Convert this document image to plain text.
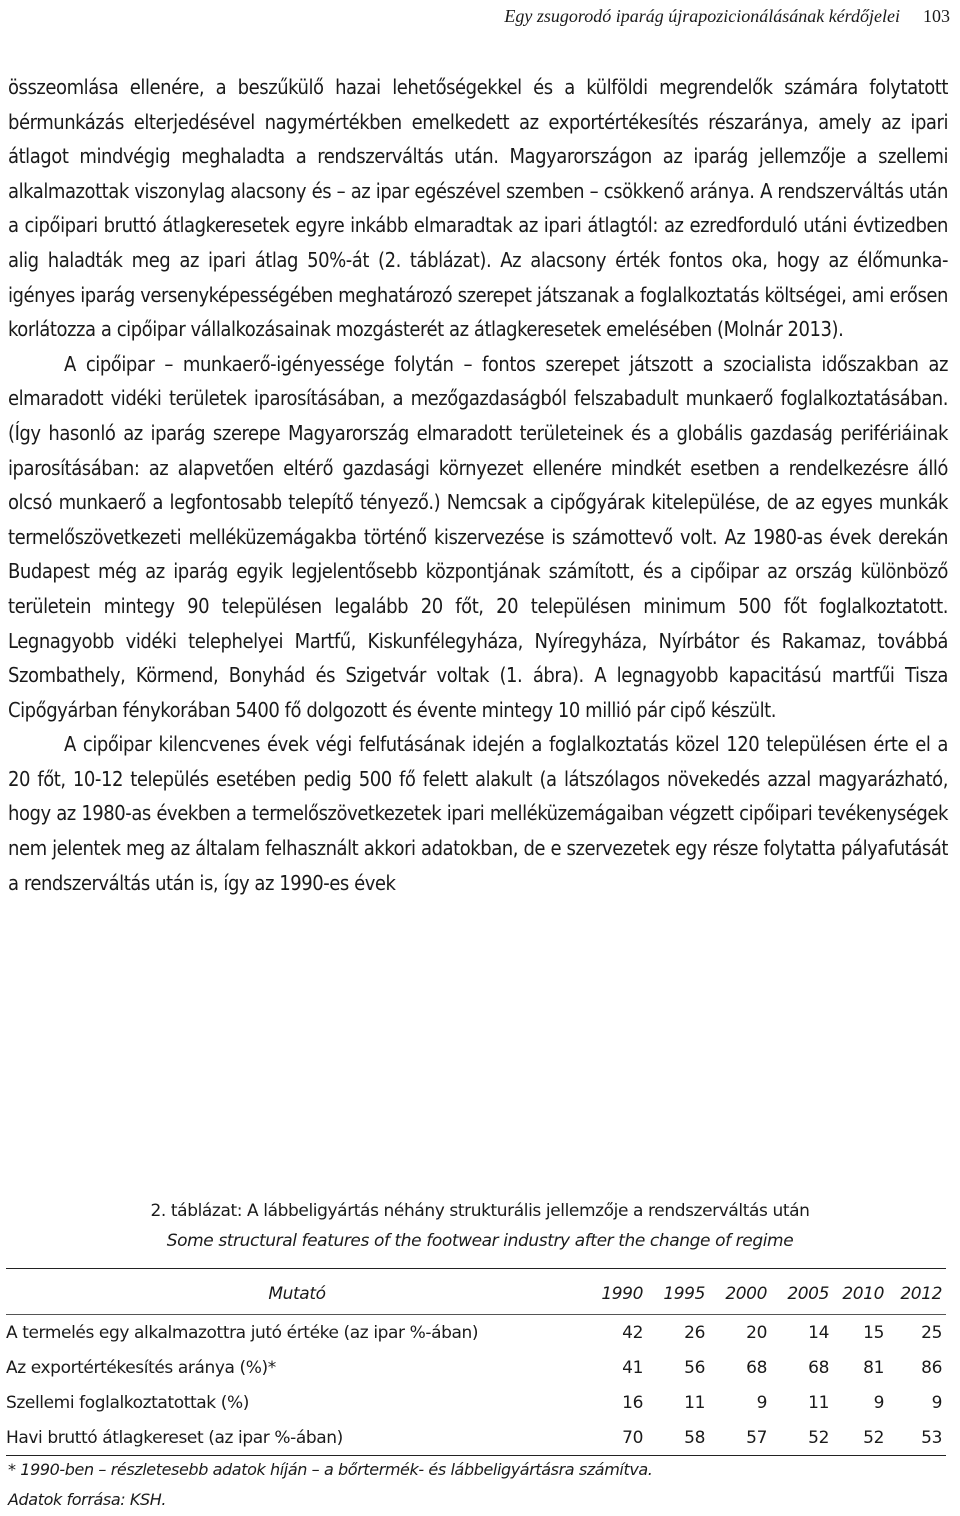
Egy zsugorodó iparág újrapozicionálásának kérdőjelei 103

összeomlása ellenére, a beszűkülő hazai lehetőségekkel és a külföldi megrendelők számára folytatott bérmunkázás elterjedésével nagymértékben emelkedett az exportértékesítés részaránya, amely az ipari átlagot mindvégig meghaladta a rendszerváltás után. Magyarországon az iparág jellemzője a szellemi alkalmazottak viszonylag alacsony és – az ipar egészével szemben – csökkenő aránya. A rendszerváltás után a cipőipari bruttó átlagkeresetek egyre inkább elmaradtak az ipari átlagtól: az ezredforduló utáni évtizedben alig haladták meg az ipari átlag 50%-át (2. táblázat). Az alacsony érték fontos oka, hogy az élőmunka-igényes iparág versenyképességében meghatározó szerepet játszanak a foglalkoztatás költségei, ami erősen korlátozza a cipőipar vállalkozásainak mozgásterét az átlagkeresetek emelésében (Molnár 2013).

A cipőipar – munkaerő-igényessége folytán – fontos szerepet játszott a szocialista időszakban az elmaradott vidéki területek iparosításában, a mezőgazdaságból felszabadult munkaerő foglalkoztatásában. (Így hasonló az iparág szerepe Magyarország elmaradott területeinek és a globális gazdaság perifériáinak iparosításában: az alapvetően eltérő gazdasági környezet ellenére mindkét esetben a rendelkezésre álló olcsó munkaerő a legfontosabb telepítő tényező.) Nemcsak a cipőgyárak kitelepülése, de az egyes munkák termelőszövetkezeti melléküzemágakba történő kiszervezése is számottevő volt. Az 1980-as évek derekán Budapest még az iparág egyik legjelentősebb központjának számított, és a cipőipar az ország különböző területein mintegy 90 településen legalább 20 főt, 20 településen minimum 500 főt foglalkoztatott. Legnagyobb vidéki telephelyei Martfű, Kiskunfélegyháza, Nyíregyháza, Nyírbátor és Rakamaz, továbbá Szombathely, Körmend, Bonyhád és Szigetvár voltak (1. ábra). A legnagyobb kapacitású martfűi Tisza Cipőgyárban fénykorában 5400 fő dolgozott és évente mintegy 10 millió pár cipő készült.

A cipőipar kilencvenes évek végi felfutásának idején a foglalkoztatás közel 120 településen érte el a 20 főt, 10-12 település esetében pedig 500 fő felett alakult (a látszólagos növekedés azzal magyarázható, hogy az 1980-as években a termelőszövetkezetek ipari melléküzemágaiban végzett cipőipari tevékenységek nem jelentek meg az általam felhasznált akkori adatokban, de e szervezetek egy része folytatta pályafutását a rendszerváltás után is, így az 1990-es évek

2. táblázat: A lábbeligyártás néhány strukturális jellemzője a rendszerváltás után
Some structural features of the footwear industry after the change of regime
Mutató	1990	1995	2000	2005	2010	2012
A termelés egy alkalmazottra jutó értéke (az ipar %-ában)	42	26	20	14	15	25
Az exportértékesítés aránya (%)*	41	56	68	68	81	86
Szellemi foglalkoztatottak (%)	16	11	9	11	9	9
Havi bruttó átlagkereset (az ipar %-ában)	70	58	57	52	52	53
* 1990-ben – részletesebb adatok híján – a bőrtermék- és lábbeligyártásra számítva.
Adatok forrása: KSH.
